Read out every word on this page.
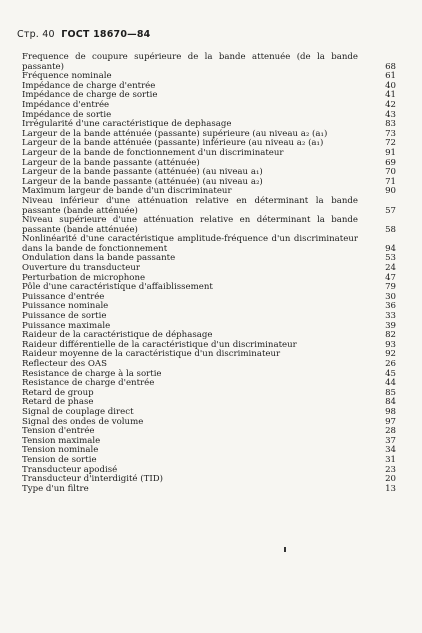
Стр. 40 ГОСТ 18670—84
Frequence de coupure supérieure de la bande attenuée (de la bande passante)	68
Fréquence nominale	61
Impédance de charge d'entrée	40
Impédance de charge de sortie	41
Impédance d'entrée	42
Impédance de sortie	43
Irrégularité d'une caractéristique de dephasage	83
Largeur de la bande atténuée (passante) supérieure (au niveau a₂ (a₁)	73
Largeur de la bande atténuée (passante) inférieure (au niveau a₂ (a₁)	72
Largeur de la bande de fonctionnement d'un discriminateur	91
Largeur de la bande passante (atténuée)	69
Largeur de la bande passante (atténuée) (au niveau a₁)	70
Largeur de la bande passante (atténuée) (au niveau a₂)	71
Maximum largeur de bande d'un discriminateur	90
Niveau inférieur d'une atténuation relative en déterminant la bande passante (bande atténuée)	57
Niveau supérieure d'une atténuation relative en déterminant la bande passante (bande atténuée)	58
Nonlinéarité d'une caractéristique amplitude-fréquence d'un discriminateur dans la bande de fonctionnement	94
Ondulation dans la bande passante	53
Ouverture du transducteur	24
Perturbation de microphone	47
Pôle d'une caractéristique d'affaiblissement	79
Puissance d'entrée	30
Puissance nominale	36
Puissance de sortie	33
Puissance maximale	39
Raideur de la caractéristique de déphasage	82
Raideur différentielle de la caractéristique d'un discriminateur	93
Raideur moyenne de la caractéristique d'un discriminateur	92
Reflecteur des OAS	26
Resistance de charge à la sortie	45
Resistance de charge d'entrée	44
Retard de group	85
Retard de phase	84
Signal de couplage direct	98
Signal des ondes de volume	97
Tension d'entrée	28
Tension maximale	37
Tension nominale	34
Tension de sortie	31
Transducteur apodisé	23
Transducteur d'interdigité (TID)	20
Type d'un filtre	13
